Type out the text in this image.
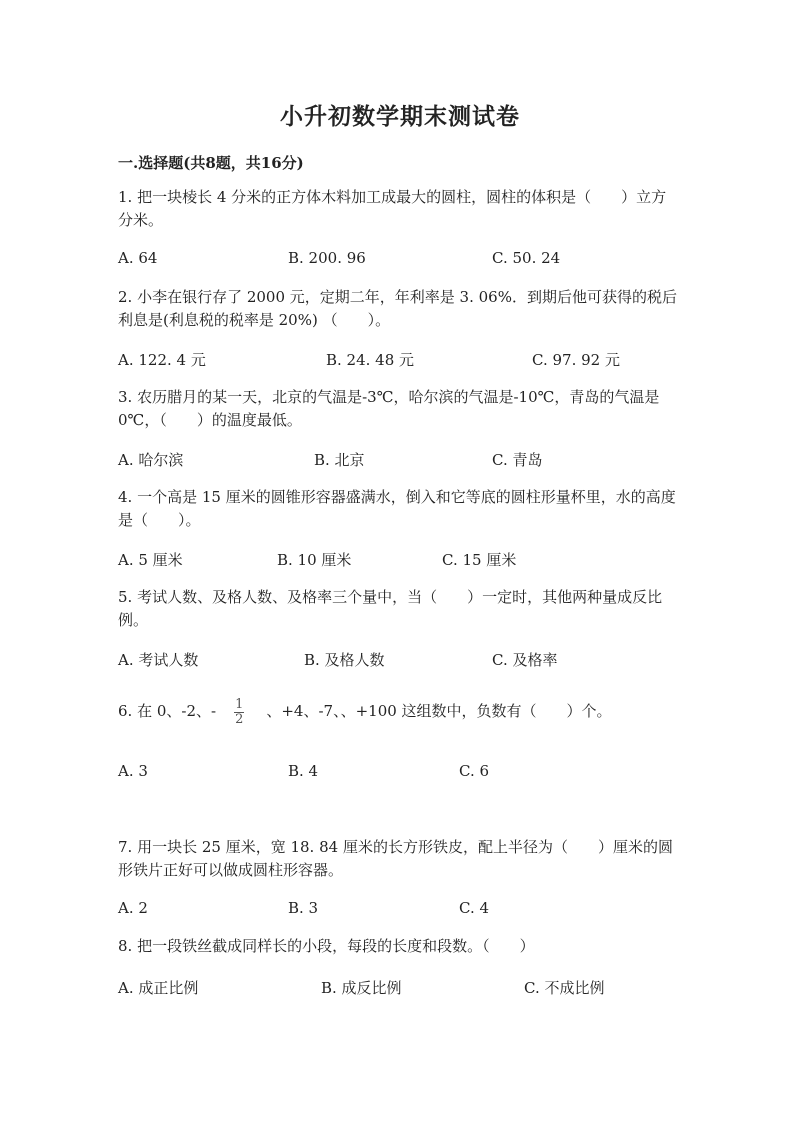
小升初数学期末测试卷
一.选择题(共8题，共16分)
1. 把一块棱长 4 分米的正方体木料加工成最大的圆柱，圆柱的体积是（　　）立方分米。
A. 64	B. 200. 96	C. 50. 24
2. 小李在银行存了 2000 元，定期二年，年利率是 3. 06%．到期后他可获得的税后利息是(利息税的税率是 20%) （　　）。
A. 122. 4 元	B. 24. 48 元	C. 97. 92 元
3. 农历腊月的某一天，北京的气温是-3℃，哈尔滨的气温是-10℃，青岛的气温是 0℃，（　　）的温度最低。
A. 哈尔滨	B. 北京	C. 青岛
4. 一个高是 15 厘米的圆锥形容器盛满水，倒入和它等底的圆柱形量杯里，水的高度是（　　）。
A. 5 厘米	B. 10 厘米	C. 15 厘米
5. 考试人数、及格人数、及格率三个量中，当（　　）一定时，其他两种量成反比例。
A. 考试人数	B. 及格人数	C. 及格率
6. 在 0、-2、- $\frac{1}{2}$ 、+4、-7、、+100 这组数中，负数有（　　）个。
A. 3	B. 4	C. 6
7. 用一块长 25 厘米，宽 18. 84 厘米的长方形铁皮，配上半径为（　　）厘米的圆形铁片正好可以做成圆柱形容器。
A. 2	B. 3	C. 4
8. 把一段铁丝截成同样长的小段，每段的长度和段数。（　　）
A. 成正比例	B. 成反比例	C. 不成比例
